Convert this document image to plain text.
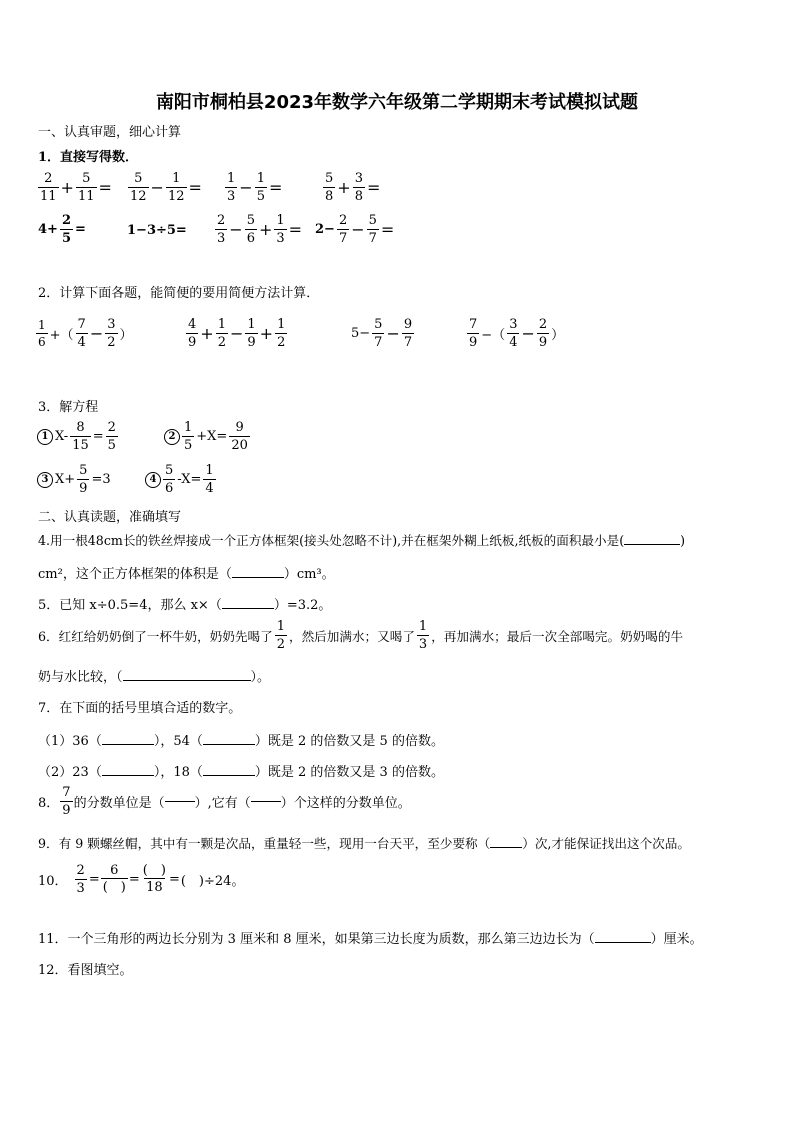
南阳市桐柏县2023年数学六年级第二学期期末考试模拟试题
一、认真审题，细心计算
1．直接写得数．
$\frac{2}{11} + \frac{5}{11} = \frac{5}{12} - \frac{1}{12} = \frac{1}{3} - \frac{1}{5}$ =	$\frac{5}{8} + \frac{3}{8}$ =
$4+ \frac{2}{5}$ =	$1-3\div 5= \frac{2}{3} - \frac{5}{6} + \frac{1}{3} = 2- \frac{2}{7} - \frac{5}{7}$ =
2．计算下面各题，能简便的要用简便方法计算．
$\frac{1}{6}$ +（ $\frac{7}{4} - \frac{3}{2}$ ）	$\frac{4}{9} + \frac{1}{2} - \frac{1}{9} + \frac{1}{2}$	$5- \frac{5}{7} - \frac{9}{7}$	$\frac{7}{9}$ −（ $\frac{3}{4} - \frac{2}{9}$ ）
3．解方程
1 $X- \frac{8}{15} = \frac{2}{5}$	$2 \frac{1}{5} +X= \frac{9}{20}$
3 $X+ \frac{5}{9} =3$	$4 \frac{5}{6} -X= \frac{1}{4}$
二、认真读题，准确填写
4.用一根48cm长的铁丝焊接成一个正方体框架(接头处忽略不计),并在框架外糊上纸板,纸板的面积最小是(	)
cm²，这个正方体框架的体积是（	）cm³。
5．已知 x÷0.5=4，那么 x×（	）=3.2。
6．红红给奶奶倒了一杯牛奶，奶奶先喝了 $\frac{1}{2}$ ，然后加满水；又喝了 $\frac{1}{3}$ ，再加满水；最后一次全部喝完。奶奶喝的牛
奶与水比较，（	）。
7．在下面的括号里填合适的数字。
（1）36（	），54（	）既是 2 的倍数又是 5 的倍数。
（2）23（	），18（	）既是 2 的倍数又是 3 的倍数。
8． $\frac{7}{9}$ 的分数单位是（ ）,它有（ ）个这样的分数单位。
9．有 9 颗螺丝帽，其中有一颗是次品，重量轻一些，现用一台天平，至少要称（	）次,才能保证找出这个次品。
10． $\frac{2}{3} = \frac{6}{( )} = \frac{( )}{18}$ = (　)÷24。
11．一个三角形的两边长分别为 3 厘米和 8 厘米，如果第三边长度为质数，那么第三边边长为（	）厘米。
12．看图填空。
